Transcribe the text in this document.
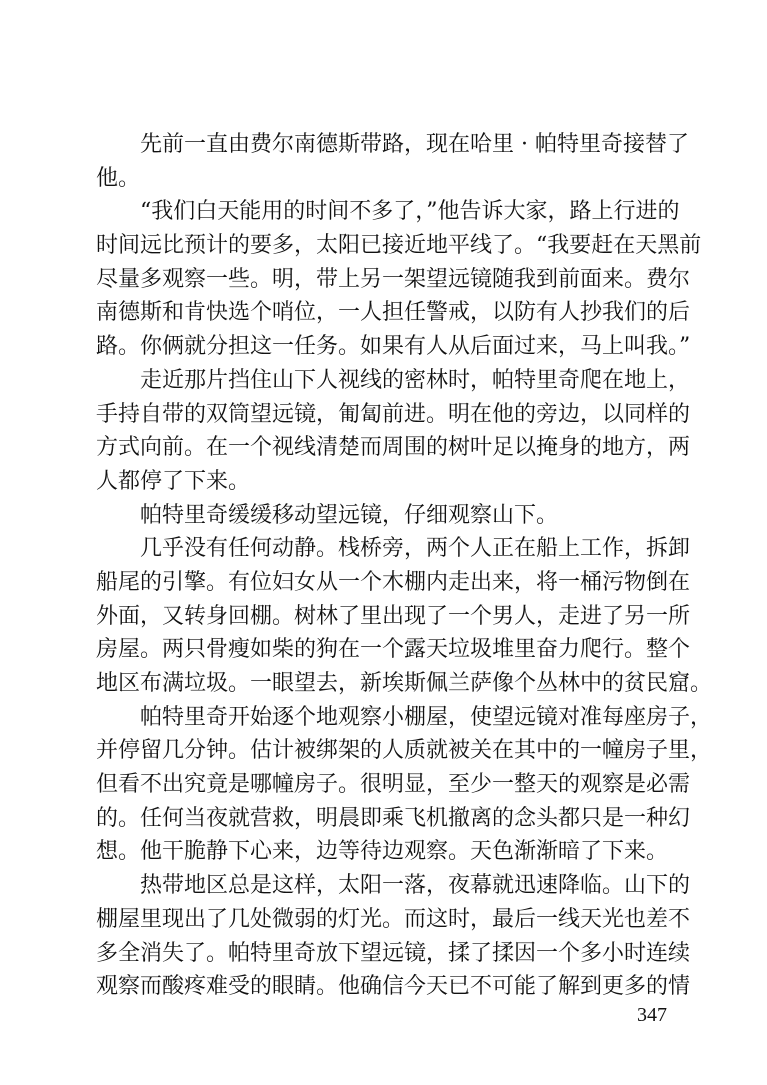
先前一直由费尔南德斯带路，现在哈里 · 帕特里奇接替了
他。
“我们白天能用的时间不多了，”他告诉大家，路上行进的
时间远比预计的要多，太阳已接近地平线了。“我要赶在天黑前
尽量多观察一些。明，带上另一架望远镜随我到前面来。费尔
南德斯和肯快选个哨位，一人担任警戒，以防有人抄我们的后
路。你俩就分担这一任务。如果有人从后面过来，马上叫我。”
走近那片挡住山下人视线的密林时，帕特里奇爬在地上，
手持自带的双筒望远镜，匍匐前进。明在他的旁边，以同样的
方式向前。在一个视线清楚而周围的树叶足以掩身的地方，两
人都停了下来。
帕特里奇缓缓移动望远镜，仔细观察山下。
几乎没有任何动静。栈桥旁，两个人正在船上工作，拆卸
船尾的引擎。有位妇女从一个木棚内走出来，将一桶污物倒在
外面，又转身回棚。树林了里出现了一个男人，走进了另一所
房屋。两只骨瘦如柴的狗在一个露天垃圾堆里奋力爬行。整个
地区布满垃圾。一眼望去，新埃斯佩兰萨像个丛林中的贫民窟。
帕特里奇开始逐个地观察小棚屋，使望远镜对准每座房子，
并停留几分钟。估计被绑架的人质就被关在其中的一幢房子里，
但看不出究竟是哪幢房子。很明显，至少一整天的观察是必需
的。任何当夜就营救，明晨即乘飞机撤离的念头都只是一种幻
想。他干脆静下心来，边等待边观察。天色渐渐暗了下来。
热带地区总是这样，太阳一落，夜幕就迅速降临。山下的
棚屋里现出了几处微弱的灯光。而这时，最后一线天光也差不
多全消失了。帕特里奇放下望远镜，揉了揉因一个多小时连续
观察而酸疼难受的眼睛。他确信今天已不可能了解到更多的情
347
